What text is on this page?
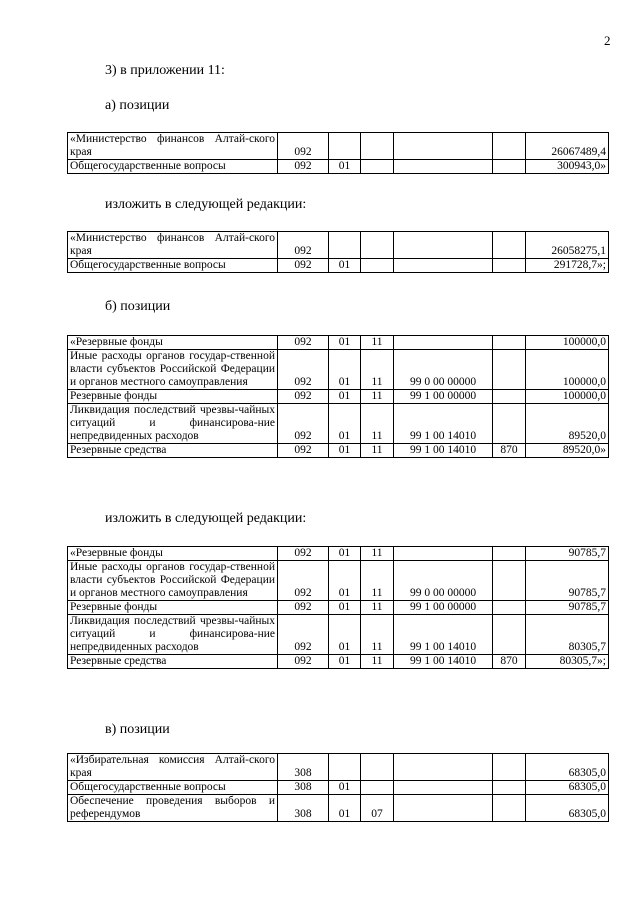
2
3) в приложении 11:
а) позиции
«Министерство финансов Алтай-ского края	092					26067489,4
Общегосударственные вопросы	092	01				300943,0»
изложить в следующей редакции:
«Министерство финансов Алтай-ского края	092					26058275,1
Общегосударственные вопросы	092	01				291728,7»;
б) позиции
«Резервные фонды	092	01	11			100000,0
Иные расходы органов государ-ственной власти субъектов Российской Федерации и органов местного самоуправления	092	01	11	99 0 00 00000		100000,0
Резервные фонды	092	01	11	99 1 00 00000		100000,0
Ликвидация последствий чрезвы-чайных ситуаций и финансирова-ние непредвиденных расходов	092	01	11	99 1 00 14010		89520,0
Резервные средства	092	01	11	99 1 00 14010	870	89520,0»
изложить в следующей редакции:
«Резервные фонды	092	01	11			90785,7
Иные расходы органов государ-ственной власти субъектов Российской Федерации и органов местного самоуправления	092	01	11	99 0 00 00000		90785,7
Резервные фонды	092	01	11	99 1 00 00000		90785,7
Ликвидация последствий чрезвы-чайных ситуаций и финансирова-ние непредвиденных расходов	092	01	11	99 1 00 14010		80305,7
Резервные средства	092	01	11	99 1 00 14010	870	80305,7»;
в) позиции
«Избирательная комиссия Алтай-ского края	308					68305,0
Общегосударственные вопросы	308	01				68305,0
Обеспечение проведения выборов и референдумов	308	01	07			68305,0
